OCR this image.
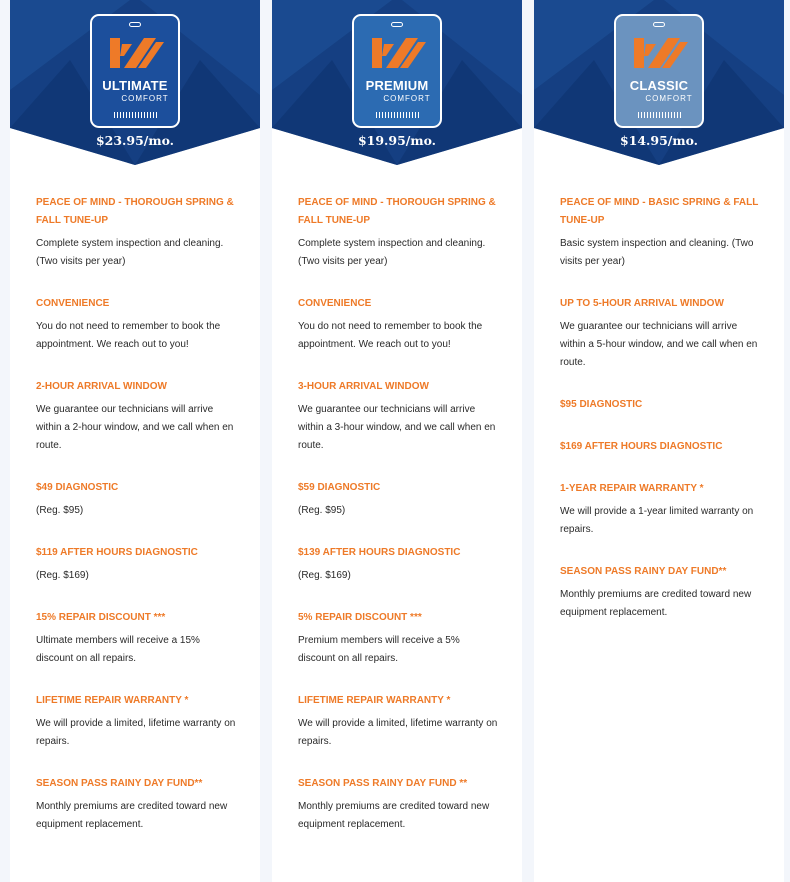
ULTIMATE
COMFORT
$23.95/mo.
PEACE OF MIND - THOROUGH SPRING & FALL TUNE-UP
Complete system inspection and cleaning. (Two visits per year)
CONVENIENCE
You do not need to remember to book the appointment. We reach out to you!
2-HOUR ARRIVAL WINDOW
We guarantee our technicians will arrive within a 2-hour window, and we call when en route.
$49 DIAGNOSTIC
(Reg. $95)
$119 AFTER HOURS DIAGNOSTIC
(Reg. $169)
15% REPAIR DISCOUNT ***
Ultimate members will receive a 15% discount on all repairs.
LIFETIME REPAIR WARRANTY *
We will provide a limited, lifetime warranty on repairs.
SEASON PASS RAINY DAY FUND**
Monthly premiums are credited toward new equipment replacement.
PREMIUM
COMFORT
$19.95/mo.
PEACE OF MIND - THOROUGH SPRING & FALL TUNE-UP
Complete system inspection and cleaning. (Two visits per year)
CONVENIENCE
You do not need to remember to book the appointment. We reach out to you!
3-HOUR ARRIVAL WINDOW
We guarantee our technicians will arrive within a 3-hour window, and we call when en route.
$59 DIAGNOSTIC
(Reg. $95)
$139 AFTER HOURS DIAGNOSTIC
(Reg. $169)
5% REPAIR DISCOUNT ***
Premium members will receive a 5% discount on all repairs.
LIFETIME REPAIR WARRANTY *
We will provide a limited, lifetime warranty on repairs.
SEASON PASS RAINY DAY FUND **
Monthly premiums are credited toward new equipment replacement.
CLASSIC
COMFORT
$14.95/mo.
PEACE OF MIND - BASIC SPRING & FALL TUNE-UP
Basic system inspection and cleaning. (Two visits per year)
UP TO 5-HOUR ARRIVAL WINDOW
We guarantee our technicians will arrive within a 5-hour window, and we call when en route.
$95 DIAGNOSTIC
$169 AFTER HOURS DIAGNOSTIC
1-YEAR REPAIR WARRANTY *
We will provide a 1-year limited warranty on repairs.
SEASON PASS RAINY DAY FUND**
Monthly premiums are credited toward new equipment replacement.
